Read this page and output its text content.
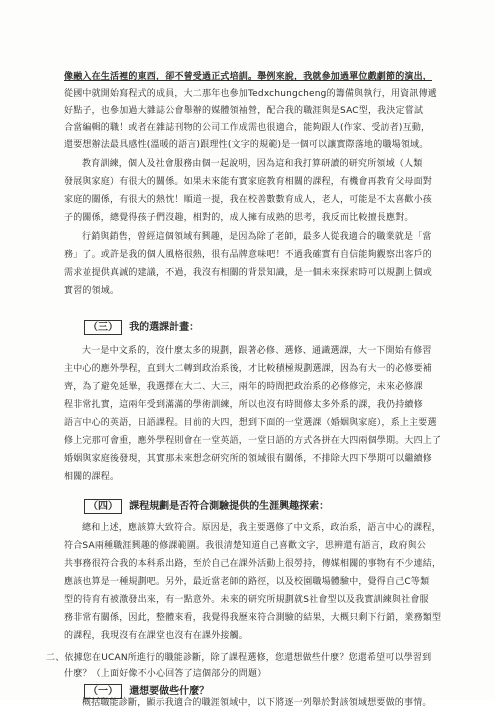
像融入在生活裡的東西，卻不曾受過正式培訓。舉例來說，我就參加過單位戲劇節的演出，
從國中就開始寫程式的成員，大二那年也參加Tedxchungcheng的籌備與執行，用資訊傳遞
好點子，也參加過大雜誌公會舉辦的媒體領袖營，配合我的職涯與是SAC型，我決定嘗試
合當編輯的職！或者在雜誌刊物的公司工作成需也很適合，能夠跟人(作家、受訪者)互動，
還要想辦法最具感性(溫暖的語言)跟理性(文字的規範)是一個可以讓實際落地的職場領域。
教育訓練，個人及社會服務由個一起說明，因為這和我打算研讀的研究所領域（人類
發展與家庭）有很大的關係。如果未來能有實家庭教育相關的課程，有機會再教育父母面對
家庭的關係，有很大的熱忱！順道一提，我在校善數數育成人，老人，可能是不太喜歡小孩
子的關係，總覺得孩子們沒趣，相對的，成人擁有成熟的思考，我反而比較擅長應對。
行銷與銷售，曾經這個領域有興趣，是因為除了老師，最多人從我適合的職業就是「當
務」了。或許是我的個人風格很熱，很有品牌意味吧！不過我確實有自信能夠觀察出客戶的
需求並提供真誠的建議，不過，我沒有相關的背景知識，是一個未來探索時可以規劃上個或
實習的領域。
（三） 我的選課計畫：
大一是中文系的，沒什麼太多的規劃，跟著必修、選修、通識選課，大一下開始有修習
主中心的應外學程，直到大二轉到政治系後，才比較積極規劃選課，因為有大一的必修要補
齊，為了避免延畢，我選擇在大二、大三，兩年的時間把政治系的必修修完，未來必修課
程非常扎實，這兩年受到滿滿的學術訓練，所以也沒有時間修太多外系的課，我仍持續修
語言中心的英語，日語課程。目前的大四，想到下面的一堂選課（婚姻與家庭），系上主要選
修上完那可會重，應外學程則會在一堂英語，一堂日語的方式各拼在大四兩個學期。大四上了
婚姻與家庭後發現，其實那未來想念研究所的領域很有關係，不排除大四下學期可以繼續修
相關的課程。
（四） 課程規劃是否符合測驗提供的生涯興趣探索：
總和上述，應該算大致符合。原因是，我主要選修了中文系，政治系，語言中心的課程，
符合SA兩種職涯興趣的修課範圍。我很清楚知道自己喜歡文字，思辨還有語言，政府與公
共事務很符合我的本科系出路，至於自己在課外活動上很勞持，傳媒相關的事物有不少連結，
應該也算是一種規劃吧。另外，最近當老師的路徑，以及校園職場體驗中，覺得自己C等類
型的待育有被激發出來，有一點意外。未來的研究所規劃就S社會型以及我實訓練與社會服
務非常有關係，因此，整體來看，我覺得我歷來符合測驗的結果，大概只剩下行銷，業務類型
的課程，我現沒有在課堂也沒有在課外接觸。
二、依據您在UCAN所進行的職能診斷，除了課程選修，您還想做些什麼？您還希望可以學習到
什麼？（上面好像不小心回答了這個部分的問題）
（一） 還想要做些什麼？
概括職能診斷，顯示我適合的職涯領域中，以下將逐一列舉於對該領域想要做的事情。
